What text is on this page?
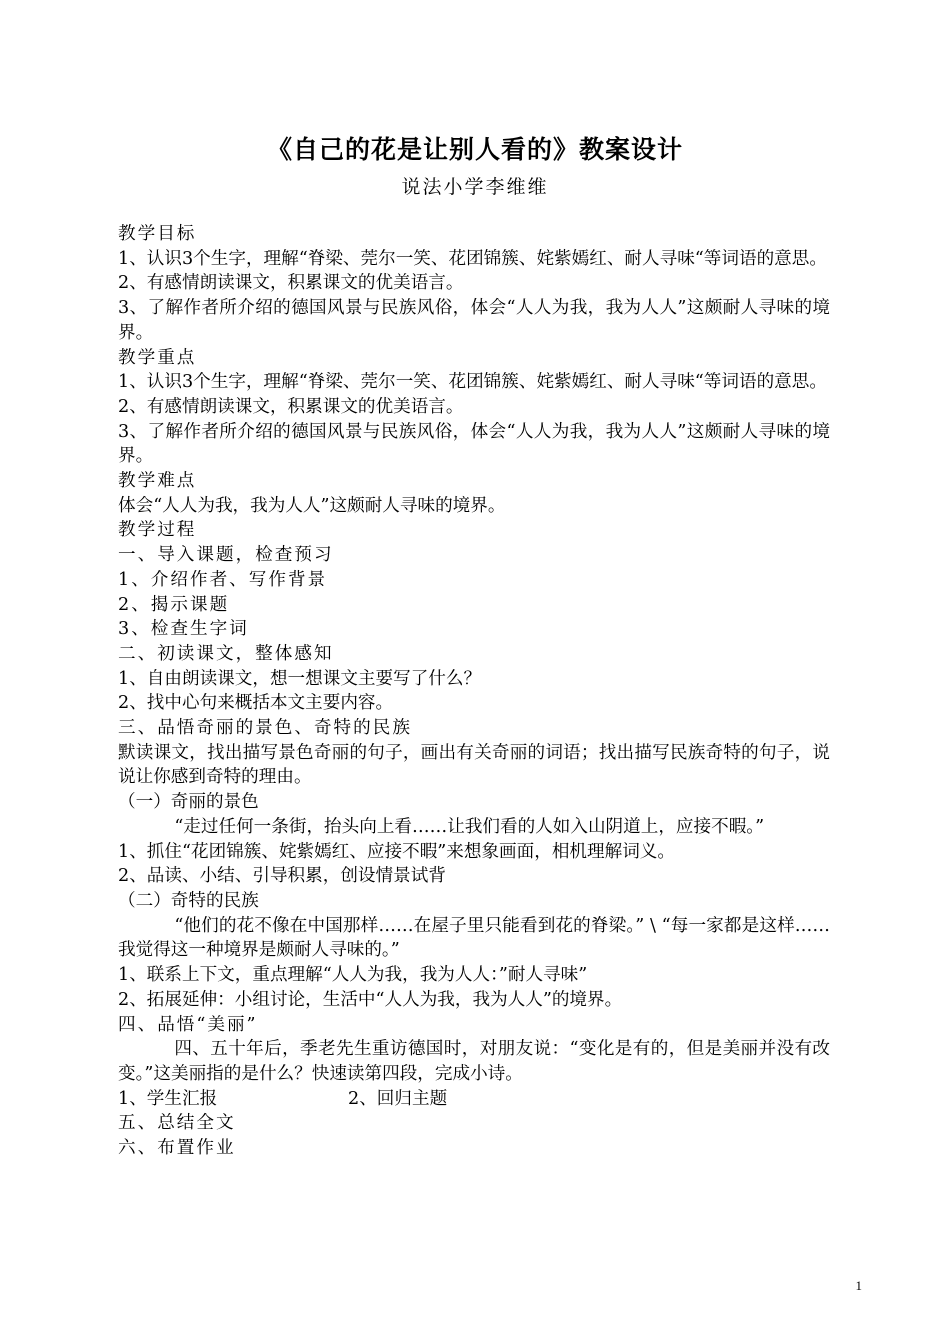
《自己的花是让别人看的》教案设计
说法小学李维维
教学目标
1、认识3个生字，理解“脊梁、莞尔一笑、花团锦簇、姹紫嫣红、耐人寻味“等词语的意思。
2、有感情朗读课文，积累课文的优美语言。
3、了解作者所介绍的德国风景与民族风俗，体会“人人为我，我为人人”这颇耐人寻味的境界。
教学重点
1、认识3个生字，理解“脊梁、莞尔一笑、花团锦簇、姹紫嫣红、耐人寻味“等词语的意思。
2、有感情朗读课文，积累课文的优美语言。
3、了解作者所介绍的德国风景与民族风俗，体会“人人为我，我为人人”这颇耐人寻味的境界。
教学难点
体会“人人为我，我为人人”这颇耐人寻味的境界。
教学过程
一、导入课题，检查预习
1、介绍作者、写作背景
2、揭示课题
3、检查生字词
二、初读课文，整体感知
1、自由朗读课文，想一想课文主要写了什么？
2、找中心句来概括本文主要内容。
三、品悟奇丽的景色、奇特的民族
默读课文，找出描写景色奇丽的句子，画出有关奇丽的词语；找出描写民族奇特的句子，说说让你感到奇特的理由。
（一）奇丽的景色
“走过任何一条街，抬头向上看……让我们看的人如入山阴道上，应接不暇。”
1、抓住“花团锦簇、姹紫嫣红、应接不暇”来想象画面，相机理解词义。
2、品读、小结、引导积累，创设情景试背
（二）奇特的民族
“他们的花不像在中国那样……在屋子里只能看到花的脊梁。” \ “每一家都是这样……我觉得这一种境界是颇耐人寻味的。”
1、联系上下文，重点理解“人人为我，我为人人：”耐人寻味”
2、拓展延伸：小组讨论，生活中“人人为我，我为人人”的境界。
四、品悟“美丽”
四、五十年后，季老先生重访德国时，对朋友说：“变化是有的，但是美丽并没有改变。”这美丽指的是什么？快速读第四段，完成小诗。
1、学生汇报	2、回归主题
五、总结全文
六、布置作业
1
